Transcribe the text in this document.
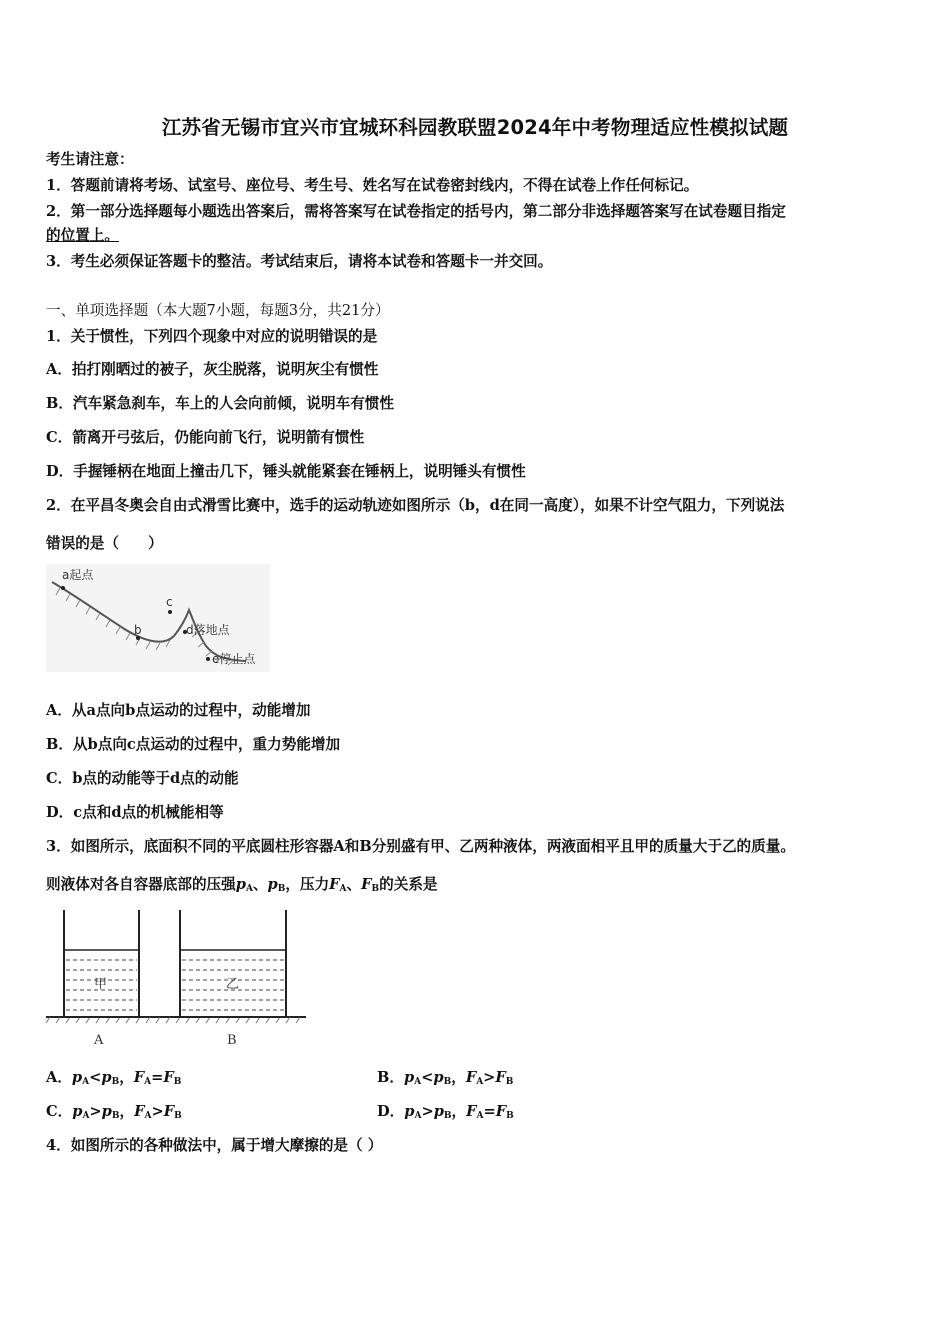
江苏省无锡市宜兴市宜城环科园教联盟2024年中考物理适应性模拟试题
考生请注意：
1．答题前请将考场、试室号、座位号、考生号、姓名写在试卷密封线内，不得在试卷上作任何标记。
2．第一部分选择题每小题选出答案后，需将答案写在试卷指定的括号内，第二部分非选择题答案写在试卷题目指定
的位置上。
3．考生必须保证答题卡的整洁。考试结束后，请将本试卷和答题卡一并交回。
一、单项选择题（本大题7小题，每题3分，共21分）
1．关于惯性，下列四个现象中对应的说明错误的是
A．拍打刚晒过的被子，灰尘脱落，说明灰尘有惯性
B．汽车紧急刹车，车上的人会向前倾，说明车有惯性
C．箭离开弓弦后，仍能向前飞行，说明箭有惯性
D．手握锤柄在地面上撞击几下，锤头就能紧套在锤柄上，说明锤头有惯性
2．在平昌冬奥会自由式滑雪比赛中，选手的运动轨迹如图所示（b，d在同一高度），如果不计空气阻力，下列说法
错误的是（　　）
a起点
b
c
d落地点
e停止点
A．从a点向b点运动的过程中，动能增加
B．从b点向c点运动的过程中，重力势能增加
C．b点的动能等于d点的动能
D．c点和d点的机械能相等
3．如图所示，底面积不同的平底圆柱形容器A和B分别盛有甲、乙两种液体，两液面相平且甲的质量大于乙的质量。
则液体对各自容器底部的压强$p_A$、$p_B$，压力$F_A$、$F_B$的关系是
甲	乙
A	B
A．$p_A<p_B$，$F_A=F_B$	B．$p_A<p_B$，$F_A>F_B$
C．$p_A>p_B$，$F_A>F_B$	D．$p_A>p_B$，$F_A=F_B$
4．如图所示的各种做法中，属于增大摩擦的是（ ）
